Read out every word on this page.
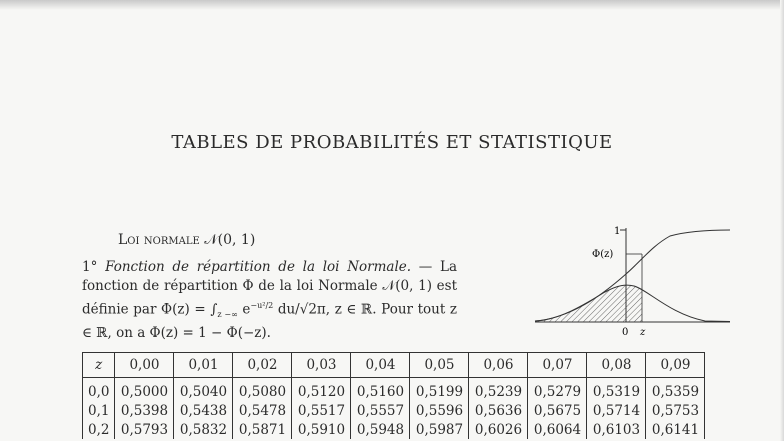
TABLES DE PROBABILITÉS ET STATISTIQUE
Loi normale 𝒩(0, 1)
1° Fonction de répartition de la loi Normale. — La fonction de répartition Φ de la loi Normale 𝒩(0, 1) est définie par $\Phi(z) = \int_{z -\infty}$ $e^{-u^2/2}$ du/√2π, z ∈ ℝ. Pour tout z ∈ ℝ, on a Φ(z) = 1 − Φ(−z).
1
Φ(z)
0 z
z	0,00	0,01	0,02	0,03	0,04	0,05	0,06	0,07	0,08	0,09
0,0	0,5000	0,5040	0,5080	0,5120	0,5160	0,5199	0,5239	0,5279	0,5319	0,5359
0,1	0,5398	0,5438	0,5478	0,5517	0,5557	0,5596	0,5636	0,5675	0,5714	0,5753
0,2	0,5793	0,5832	0,5871	0,5910	0,5948	0,5987	0,6026	0,6064	0,6103	0,6141
